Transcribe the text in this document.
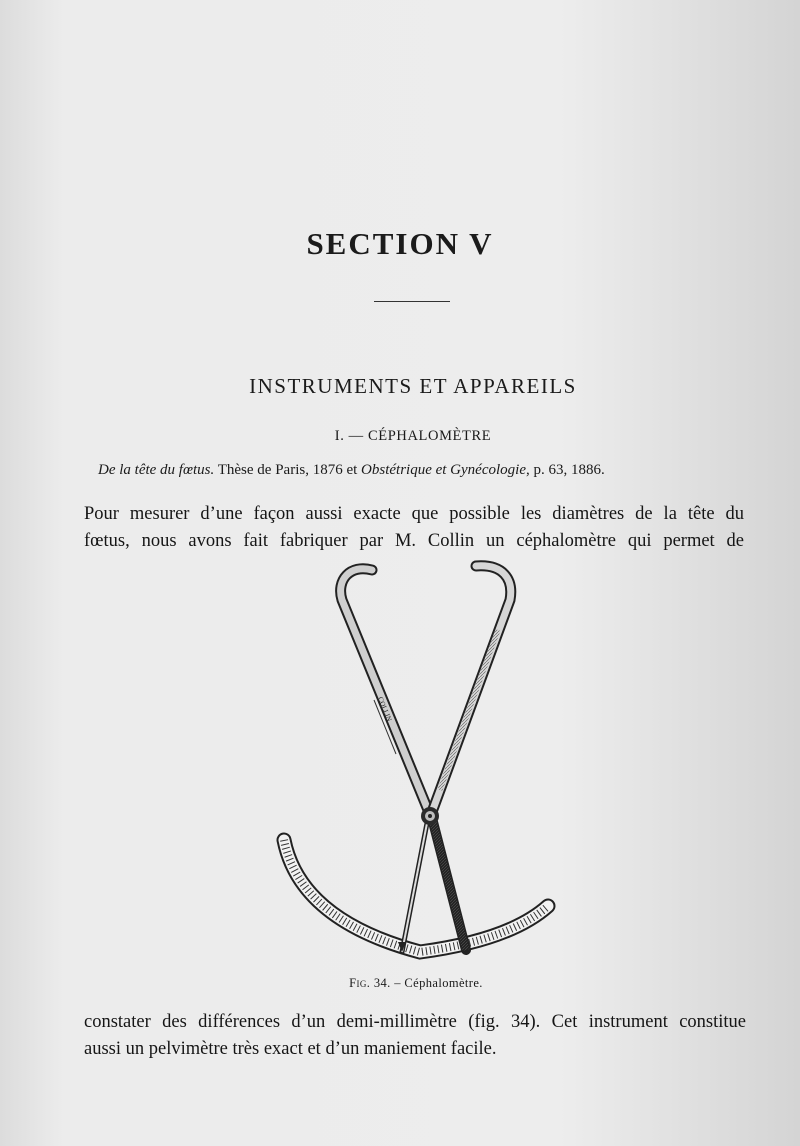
SECTION V
INSTRUMENTS ET APPAREILS
I. — CÉPHALOMÈTRE
De la tête du fœtus. Thèse de Paris, 1876 et Obstétrique et Gynécologie, p. 63, 1886.
Pour mesurer d’une façon aussi exacte que possible les diamètres de la tête du
fœtus, nous avons fait fabriquer par M. Collin un céphalomètre qui permet de
COLLIN
Fig. 34. – Céphalomètre.
constater des différences d’un demi-millimètre (fig. 34). Cet instrument constitue
aussi un pelvimètre très exact et d’un maniement facile.
